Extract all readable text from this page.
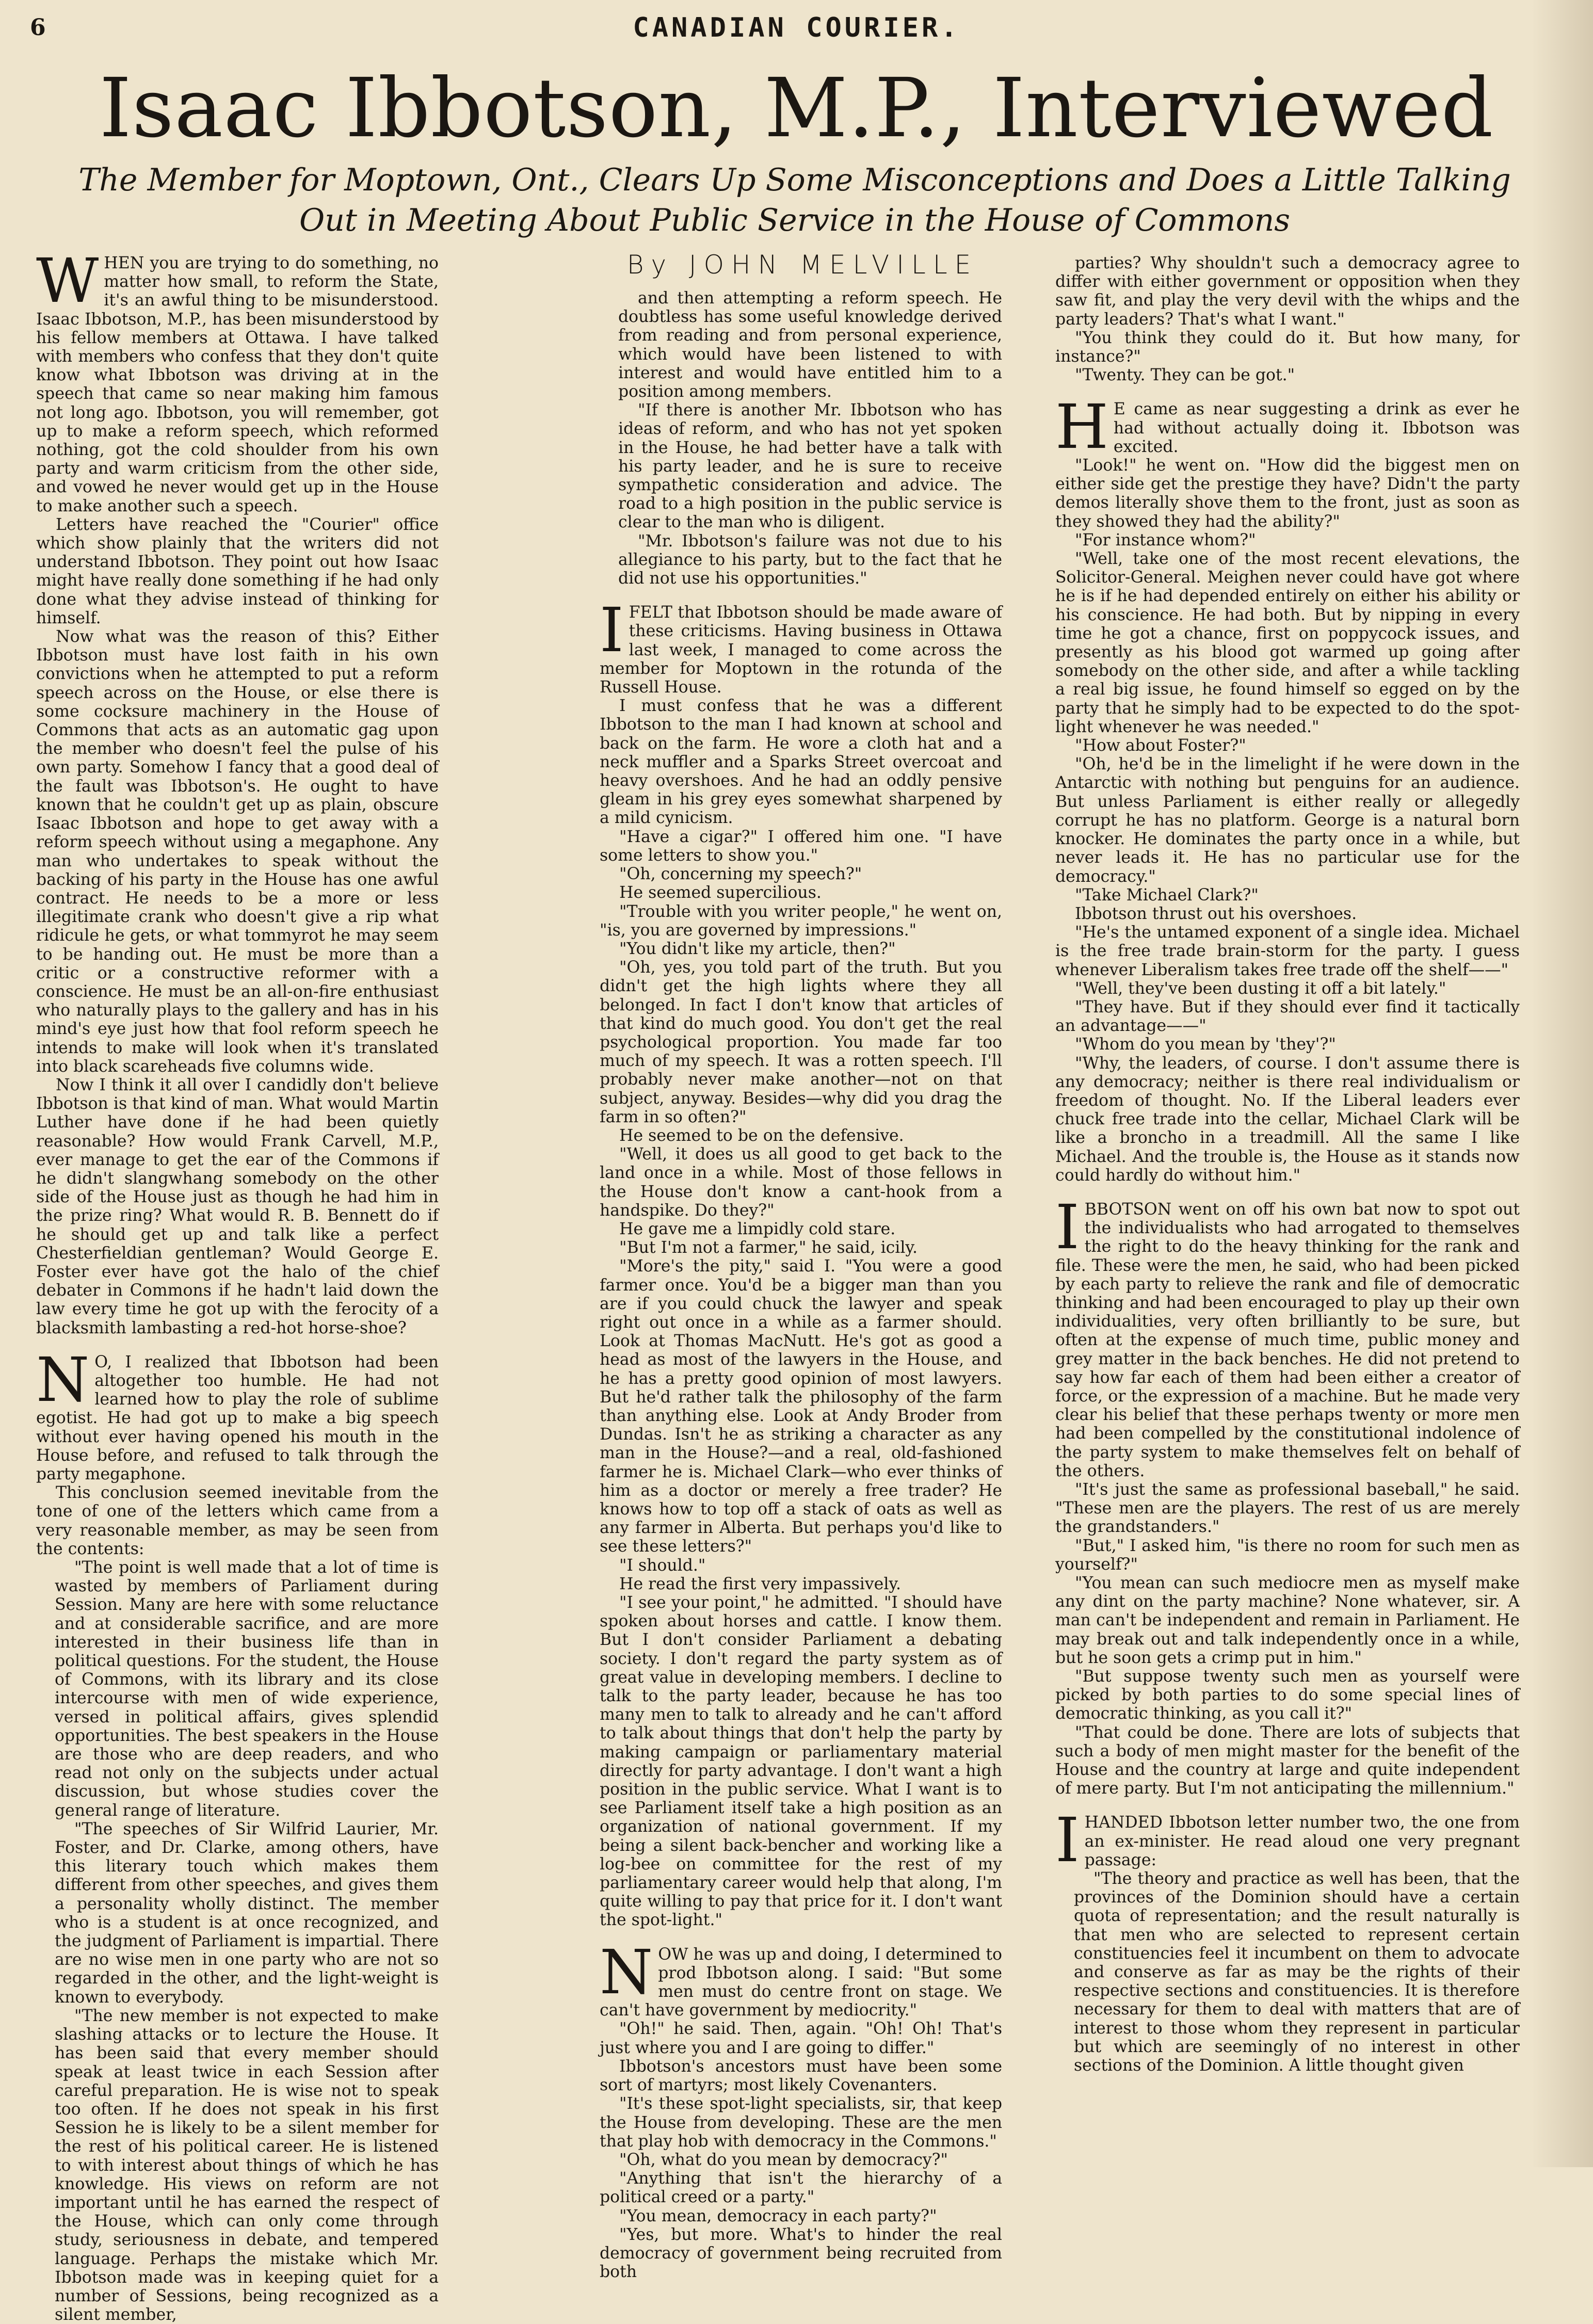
6	CANADIAN COURIER.
Isaac Ibbotson, M.P., Interviewed
The Member for Moptown, Ont., Clears Up Some Misconceptions and Does a Little Talking Out in Meeting About Public Service in the House of Commons
By JOHN MELVILLE

WHEN you are trying to do something, no matter how small, to reform the State, it's an awful thing to be misunderstood. Isaac Ibbotson, M.P., has been misunderstood by his fellow members at Ottawa. I have talked with members who confess that they don't quite know what Ibbotson was driving at in the speech that came so near making him famous not long ago. Ibbotson, you will remember, got up to make a reform speech, which reformed nothing, got the cold shoulder from his own party and warm criticism from the other side, and vowed he never would get up in the House to make another such a speech.

Letters have reached the "Courier" office which show plainly that the writers did not understand Ibbotson. They point out how Isaac might have really done something if he had only done what they advise instead of thinking for himself.

Now what was the reason of this? Either Ibbotson must have lost faith in his own convictions when he attempted to put a reform speech across on the House, or else there is some cocksure machinery in the House of Commons that acts as an automatic gag upon the member who doesn't feel the pulse of his own party. Somehow I fancy that a good deal of the fault was Ibbotson's. He ought to have known that he couldn't get up as plain, obscure Isaac Ibbotson and hope to get away with a reform speech without using a megaphone. Any man who undertakes to speak without the backing of his party in the House has one awful contract. He needs to be a more or less illegitimate crank who doesn't give a rip what ridicule he gets, or what tommyrot he may seem to be handing out. He must be more than a critic or a constructive reformer with a conscience. He must be an all-on-fire enthusiast who naturally plays to the gallery and has in his mind's eye just how that fool reform speech he intends to make will look when it's translated into black scareheads five columns wide.

Now I think it all over I candidly don't believe Ibbotson is that kind of man. What would Martin Luther have done if he had been quietly reasonable? How would Frank Carvell, M.P., ever manage to get the ear of the Commons if he didn't slangwhang somebody on the other side of the House just as though he had him in the prize ring? What would R. B. Bennett do if he should get up and talk like a perfect Chesterfieldian gentleman? Would George E. Foster ever have got the halo of the chief debater in Commons if he hadn't laid down the law every time he got up with the ferocity of a blacksmith lambasting a red-hot horse-shoe?

N O, I realized that Ibbotson had been altogether too humble. He had not learned how to play the role of sublime egotist. He had got up to make a big speech without ever having opened his mouth in the House before, and refused to talk through the party megaphone.

This conclusion seemed inevitable from the tone of one of the letters which came from a very reasonable member, as may be seen from the contents:

"The point is well made that a lot of time is wasted by members of Parliament during Session. Many are here with some reluctance and at considerable sacrifice, and are more interested in their business life than in political questions. For the student, the House of Commons, with its library and its close intercourse with men of wide experience, versed in political affairs, gives splendid opportunities. The best speakers in the House are those who are deep readers, and who read not only on the subjects under actual discussion, but whose studies cover the general range of literature.

"The speeches of Sir Wilfrid Laurier, Mr. Foster, and Dr. Clarke, among others, have this literary touch which makes them different from other speeches, and gives them a personality wholly distinct. The member who is a student is at once recognized, and the judgment of Parliament is impartial. There are no wise men in one party who are not so regarded in the other, and the light-weight is known to everybody.

"The new member is not expected to make slashing attacks or to lecture the House. It has been said that every member should speak at least twice in each Session after careful preparation. He is wise not to speak too often. If he does not speak in his first Session he is likely to be a silent member for the rest of his political career. He is listened to with interest about things of which he has knowledge. His views on reform are not important until he has earned the respect of the House, which can only come through study, seriousness in debate, and tempered language. Perhaps the mistake which Mr. Ibbotson made was in keeping quiet for a number of Sessions, being recognized as a silent member,

and then attempting a reform speech. He doubtless has some useful knowledge derived from reading and from personal experience, which would have been listened to with interest and would have entitled him to a position among members.

"If there is another Mr. Ibbotson who has ideas of reform, and who has not yet spoken in the House, he had better have a talk with his party leader, and he is sure to receive sympathetic consideration and advice. The road to a high position in the public service is clear to the man who is diligent.

"Mr. Ibbotson's failure was not due to his allegiance to his party, but to the fact that he did not use his opportunities."

IFELT that Ibbotson should be made aware of these criticisms. Having business in Ottawa last week, I managed to come across the member for Moptown in the rotunda of the Russell House.

I must confess that he was a different Ibbotson to the man I had known at school and back on the farm. He wore a cloth hat and a neck muffler and a Sparks Street overcoat and heavy overshoes. And he had an oddly pensive gleam in his grey eyes somewhat sharpened by a mild cynicism.

"Have a cigar?" I offered him one. "I have some letters to show you."

"Oh, concerning my speech?"

He seemed supercilious.

"Trouble with you writer people," he went on, "is, you are governed by impressions."

"You didn't like my article, then?"

"Oh, yes, you told part of the truth. But you didn't get the high lights where they all belonged. In fact I don't know that articles of that kind do much good. You don't get the real psychological proportion. You made far too much of my speech. It was a rotten speech. I'll probably never make another—not on that subject, anyway. Besides—why did you drag the farm in so often?"

He seemed to be on the defensive.

"Well, it does us all good to get back to the land once in a while. Most of those fellows in the House don't know a cant-hook from a handspike. Do they?"

He gave me a limpidly cold stare.

"But I'm not a farmer," he said, icily.

"More's the pity," said I. "You were a good farmer once. You'd be a bigger man than you are if you could chuck the lawyer and speak right out once in a while as a farmer should. Look at Thomas MacNutt. He's got as good a head as most of the lawyers in the House, and he has a pretty good opinion of most lawyers. But he'd rather talk the philosophy of the farm than anything else. Look at Andy Broder from Dundas. Isn't he as striking a character as any man in the House?—and a real, old-fashioned farmer he is. Michael Clark—who ever thinks of him as a doctor or merely a free trader? He knows how to top off a stack of oats as well as any farmer in Alberta. But perhaps you'd like to see these letters?"

"I should."

He read the first very impassively.

"I see your point," he admitted. "I should have spoken about horses and cattle. I know them. But I don't consider Parliament a debating society. I don't regard the party system as of great value in developing members. I decline to talk to the party leader, because he has too many men to talk to already and he can't afford to talk about things that don't help the party by making campaign or parliamentary material directly for party advantage. I don't want a high position in the public service. What I want is to see Parliament itself take a high position as an organization of national government. If my being a silent back-bencher and working like a log-bee on committee for the rest of my parliamentary career would help that along, I'm quite willing to pay that price for it. I don't want the spot-light."

NOW he was up and doing, I determined to prod Ibbotson along. I said: "But some men must do centre front on stage. We can't have government by mediocrity."

"Oh!" he said. Then, again. "Oh! Oh! That's just where you and I are going to differ."

Ibbotson's ancestors must have been some sort of martyrs; most likely Covenanters.

"It's these spot-light specialists, sir, that keep the House from developing. These are the men that play hob with democracy in the Commons."

"Oh, what do you mean by democracy?"

"Anything that isn't the hierarchy of a political creed or a party."

"You mean, democracy in each party?"

"Yes, but more. What's to hinder the real democracy of government being recruited from both

parties? Why shouldn't such a democracy agree to differ with either government or opposition when they saw fit, and play the very devil with the whips and the party leaders? That's what I want."

"You think they could do it. But how many, for instance?"

"Twenty. They can be got."

H E came as near suggesting a drink as ever he had without actually doing it. Ibbotson was excited.

"Look!" he went on. "How did the biggest men on either side get the prestige they have? Didn't the party demos literally shove them to the front, just as soon as they showed they had the ability?"

"For instance whom?"

"Well, take one of the most recent elevations, the Solicitor-General. Meighen never could have got where he is if he had depended entirely on either his ability or his conscience. He had both. But by nipping in every time he got a chance, first on poppycock issues, and presently as his blood got warmed up going after somebody on the other side, and after a while tackling a real big issue, he found himself so egged on by the party that he simply had to be expected to do the spot-light whenever he was needed."

"How about Foster?"

"Oh, he'd be in the limelight if he were down in the Antarctic with nothing but penguins for an audience. But unless Parliament is either really or allegedly corrupt he has no platform. George is a natural born knocker. He dominates the party once in a while, but never leads it. He has no particular use for the democracy."

"Take Michael Clark?"

Ibbotson thrust out his overshoes.

"He's the untamed exponent of a single idea. Michael is the free trade brain-storm for the party. I guess whenever Liberalism takes free trade off the shelf——"

"Well, they've been dusting it off a bit lately."

"They have. But if they should ever find it tactically an advantage——"

"Whom do you mean by 'they'?"

"Why, the leaders, of course. I don't assume there is any democracy; neither is there real individualism or freedom of thought. No. If the Liberal leaders ever chuck free trade into the cellar, Michael Clark will be like a broncho in a treadmill. All the same I like Michael. And the trouble is, the House as it stands now could hardly do without him."

IBBOTSON went on off his own bat now to spot out the individualists who had arrogated to themselves the right to do the heavy thinking for the rank and file. These were the men, he said, who had been picked by each party to relieve the rank and file of democratic thinking and had been encouraged to play up their own individualities, very often brilliantly to be sure, but often at the expense of much time, public money and grey matter in the back benches. He did not pretend to say how far each of them had been either a creator of force, or the expression of a machine. But he made very clear his belief that these perhaps twenty or more men had been compelled by the constitutional indolence of the party system to make themselves felt on behalf of the others.

"It's just the same as professional baseball," he said. "These men are the players. The rest of us are merely the grandstanders."

"But," I asked him, "is there no room for such men as yourself?"

"You mean can such mediocre men as myself make any dint on the party machine? None whatever, sir. A man can't be independent and remain in Parliament. He may break out and talk independently once in a while, but he soon gets a crimp put in him."

"But suppose twenty such men as yourself were picked by both parties to do some special lines of democratic thinking, as you call it?"

"That could be done. There are lots of subjects that such a body of men might master for the benefit of the House and the country at large and quite independent of mere party. But I'm not anticipating the millennium."

IHANDED Ibbotson letter number two, the one from an ex-minister. He read aloud one very pregnant passage:

"The theory and practice as well has been, that the provinces of the Dominion should have a certain quota of representation; and the result naturally is that men who are selected to represent certain constituencies feel it incumbent on them to advocate and conserve as far as may be the rights of their respective sections and constituencies. It is therefore necessary for them to deal with matters that are of interest to those whom they represent in particular but which are seemingly of no interest in other sections of the Dominion. A little thought given
